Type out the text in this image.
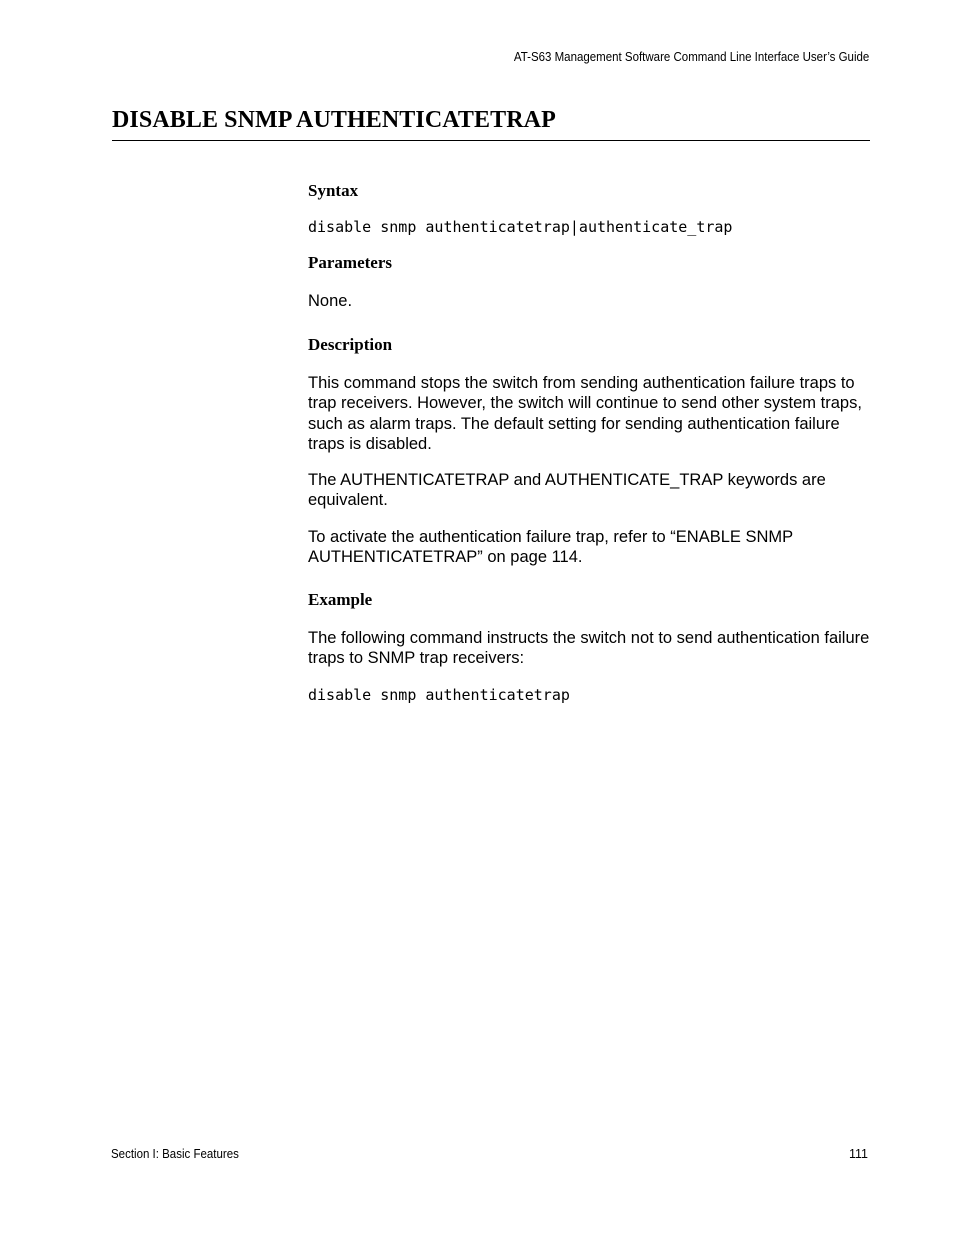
AT-S63 Management Software Command Line Interface User’s Guide
DISABLE SNMP AUTHENTICATETRAP
Syntax

disable snmp authenticatetrap|authenticate_trap

Parameters

None.

Description

This command stops the switch from sending authentication failure traps to trap receivers. However, the switch will continue to send other system traps, such as alarm traps. The default setting for sending authentication failure traps is disabled.

The AUTHENTICATETRAP and AUTHENTICATE_TRAP keywords are equivalent.

To activate the authentication failure trap, refer to “ENABLE SNMP AUTHENTICATETRAP” on page 114.

Example

The following command instructs the switch not to send authentication failure traps to SNMP trap receivers:

disable snmp authenticatetrap

Section I: Basic Features	111
